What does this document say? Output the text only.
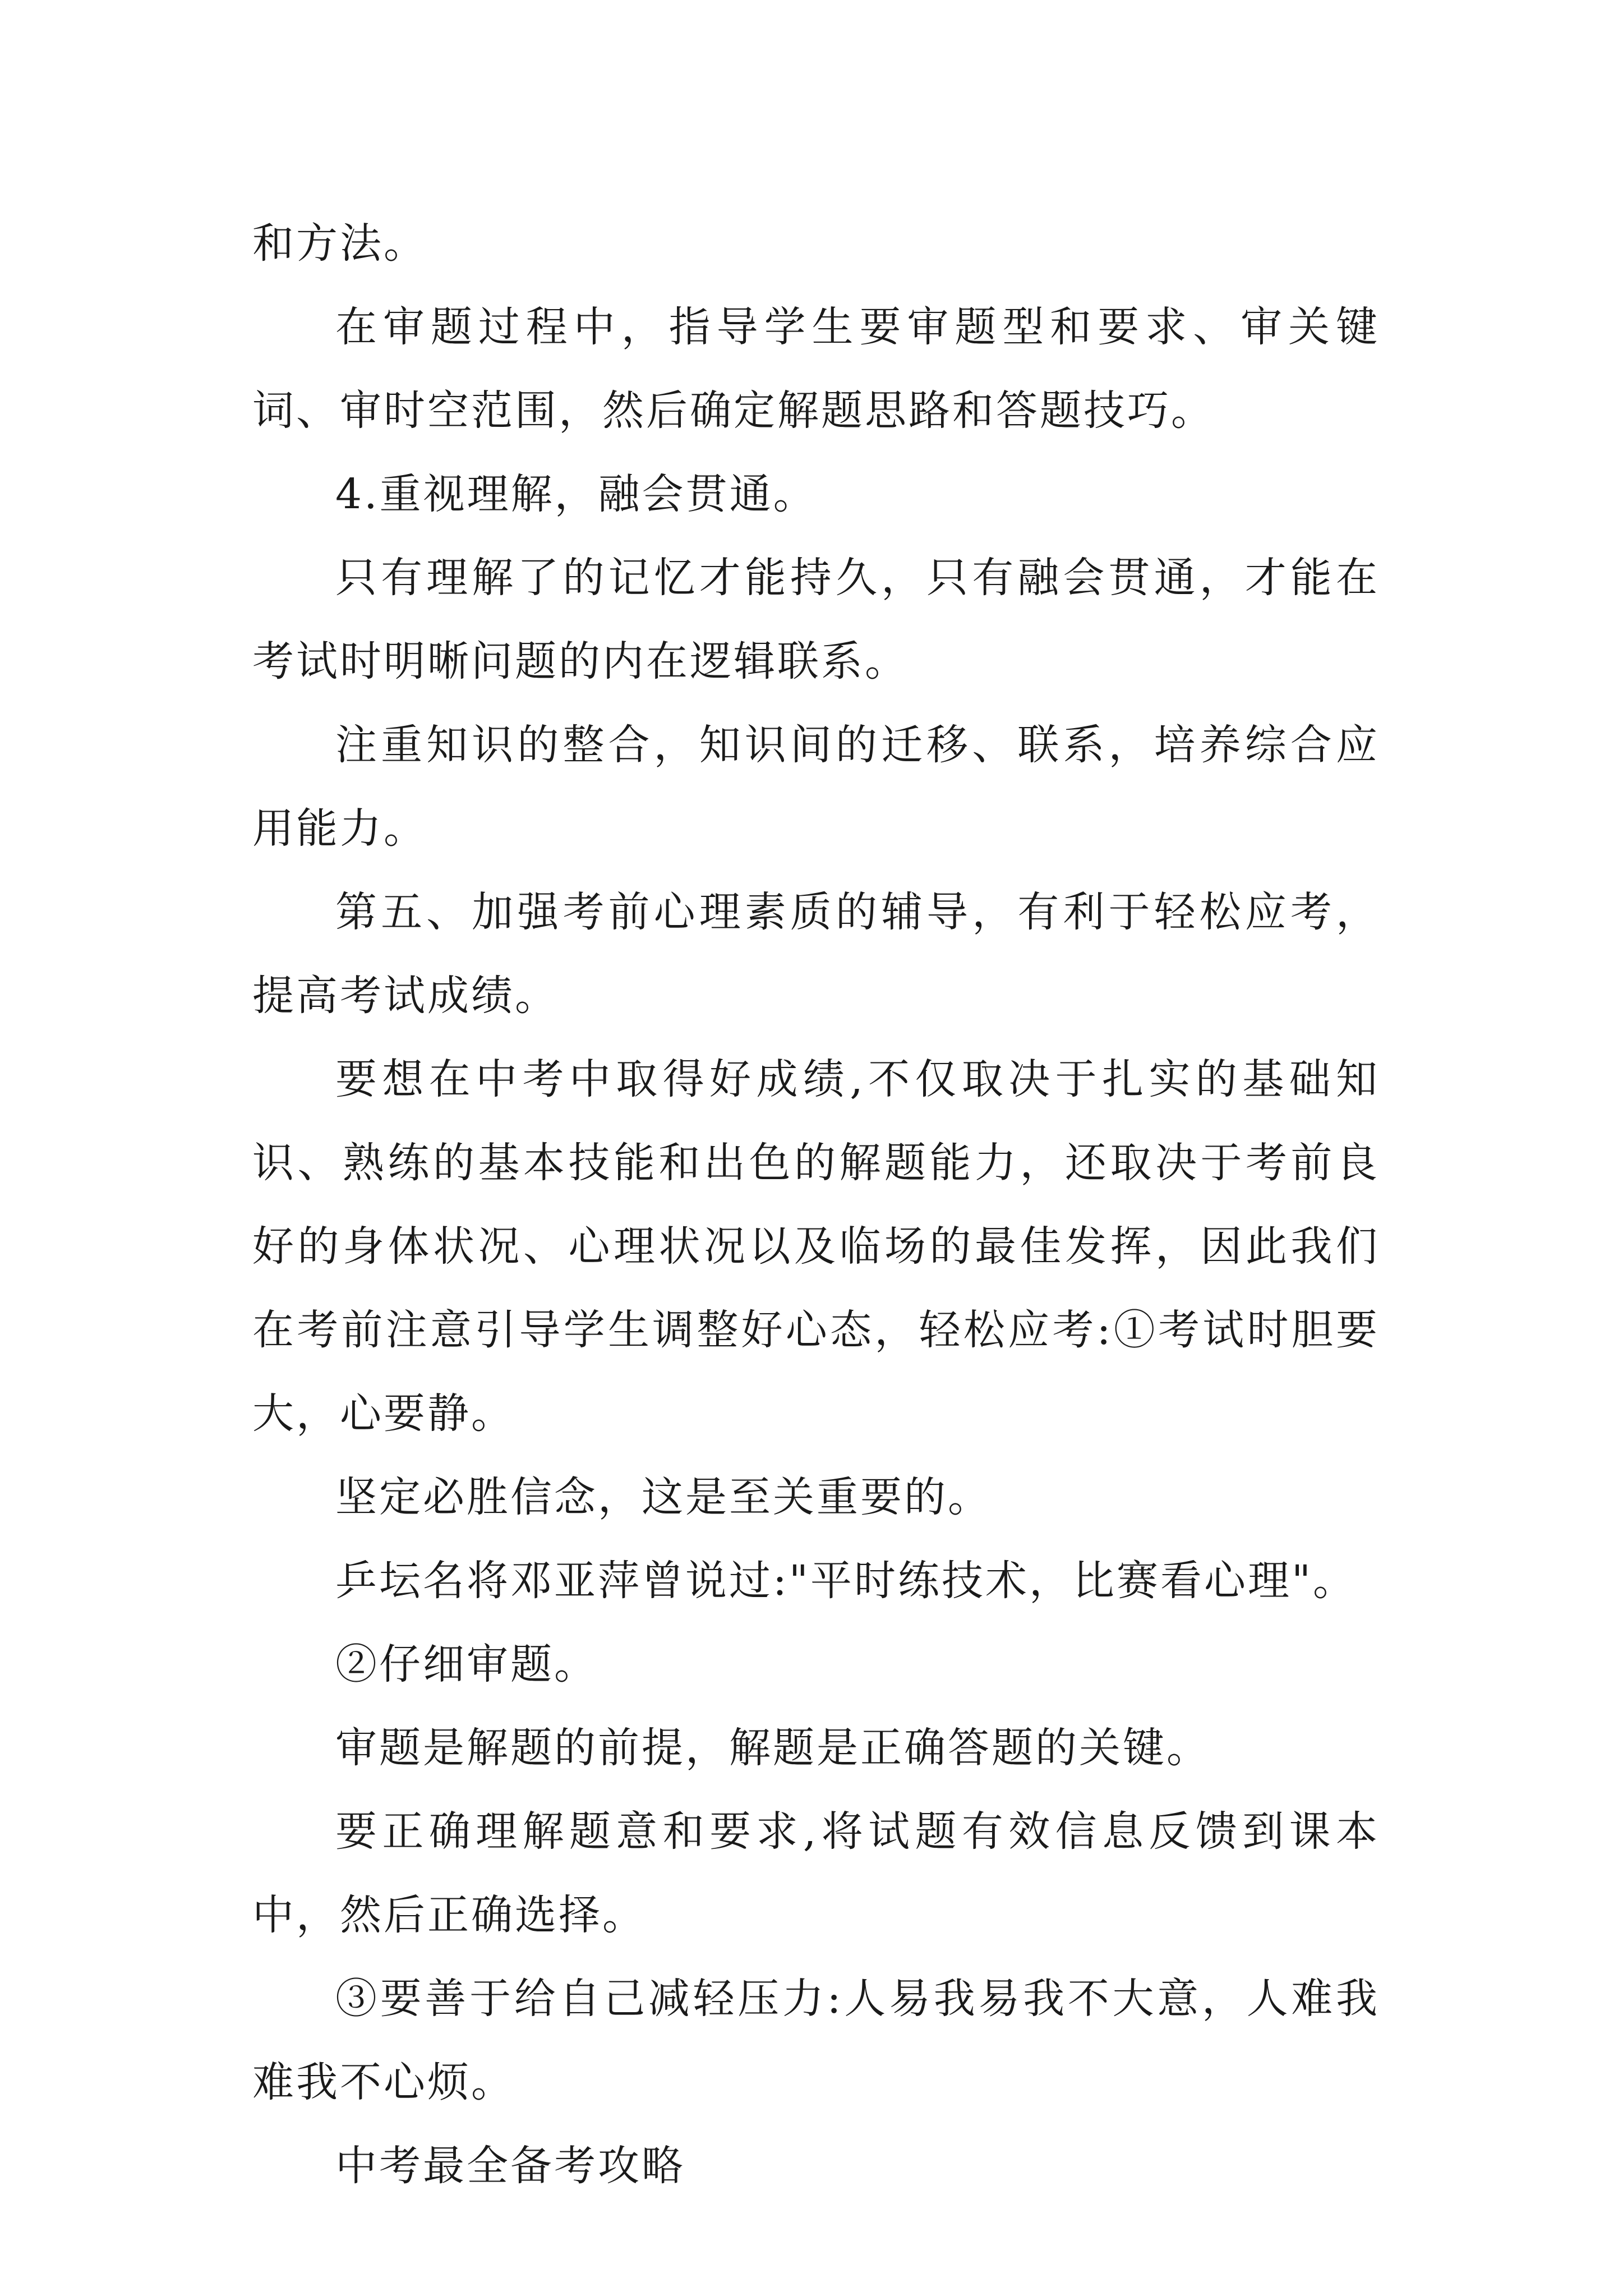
和方法。

在审题过程中，指导学生要审题型和要求、审关键词、审时空范围，然后确定解题思路和答题技巧。

4.重视理解，融会贯通。

只有理解了的记忆才能持久，只有融会贯通，才能在考试时明晰问题的内在逻辑联系。

注重知识的整合，知识间的迁移、联系，培养综合应用能力。

第五、加强考前心理素质的辅导，有利于轻松应考，提高考试成绩。

要想在中考中取得好成绩,不仅取决于扎实的基础知识、熟练的基本技能和出色的解题能力，还取决于考前良好的身体状况、心理状况以及临场的最佳发挥，因此我们在考前注意引导学生调整好心态，轻松应考:①考试时胆要大，心要静。

坚定必胜信念，这是至关重要的。

乒坛名将邓亚萍曾说过:"平时练技术，比赛看心理"。

②仔细审题。

审题是解题的前提，解题是正确答题的关键。

要正确理解题意和要求,将试题有效信息反馈到课本中，然后正确选择。

③要善于给自己减轻压力:人易我易我不大意，人难我难我不心烦。

中考最全备考攻略
